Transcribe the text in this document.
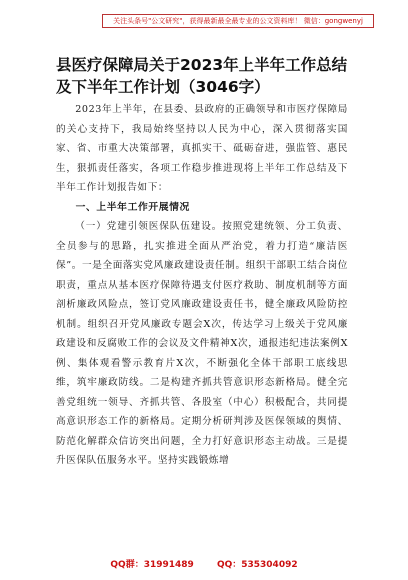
关注头条号"公文研究"，获得最新最全最专业的公文资料库！ 微信：gongwenyj
县医疗保障局关于2023年上半年工作总结及下半年工作计划（3046字）

2023年上半年，在县委、县政府的正确领导和市医疗保障局的关心支持下，我局始终坚持以人民为中心，深入贯彻落实国家、省、市重大决策部署，真抓实干、砥砺奋进，强监管、惠民生，狠抓责任落实，各项工作稳步推进现将上半年工作总结及下半年工作计划报告如下：

一、上半年工作开展情况

（一）党建引领医保队伍建设。按照党建统领、分工负责、全员参与的思路，扎实推进全面从严治党，着力打造“廉洁医保”。一是全面落实党风廉政建设责任制。组织干部职工结合岗位职责，重点从基本医疗保障待遇支付医疗救助、制度机制等方面剖析廉政风险点，签订党风廉政建设责任书，健全廉政风险防控机制。组织召开党风廉政专题会X次，传达学习上级关于党风廉政建设和反腐败工作的会议及文件精神X次，通报违纪违法案例X例、集体观看警示教育片X次，不断强化全体干部职工底线思维，筑牢廉政防线。二是构建齐抓共管意识形态新格局。健全完善党组统一领导、齐抓共管、各股室（中心）积极配合，共同提高意识形态工作的新格局。定期分析研判涉及医保领域的舆情、防范化解群众信访突出问题，全力打好意识形态主动战。三是提升医保队伍服务水平。坚持实践锻炼增

QQ群：31991489	QQ：535304092
